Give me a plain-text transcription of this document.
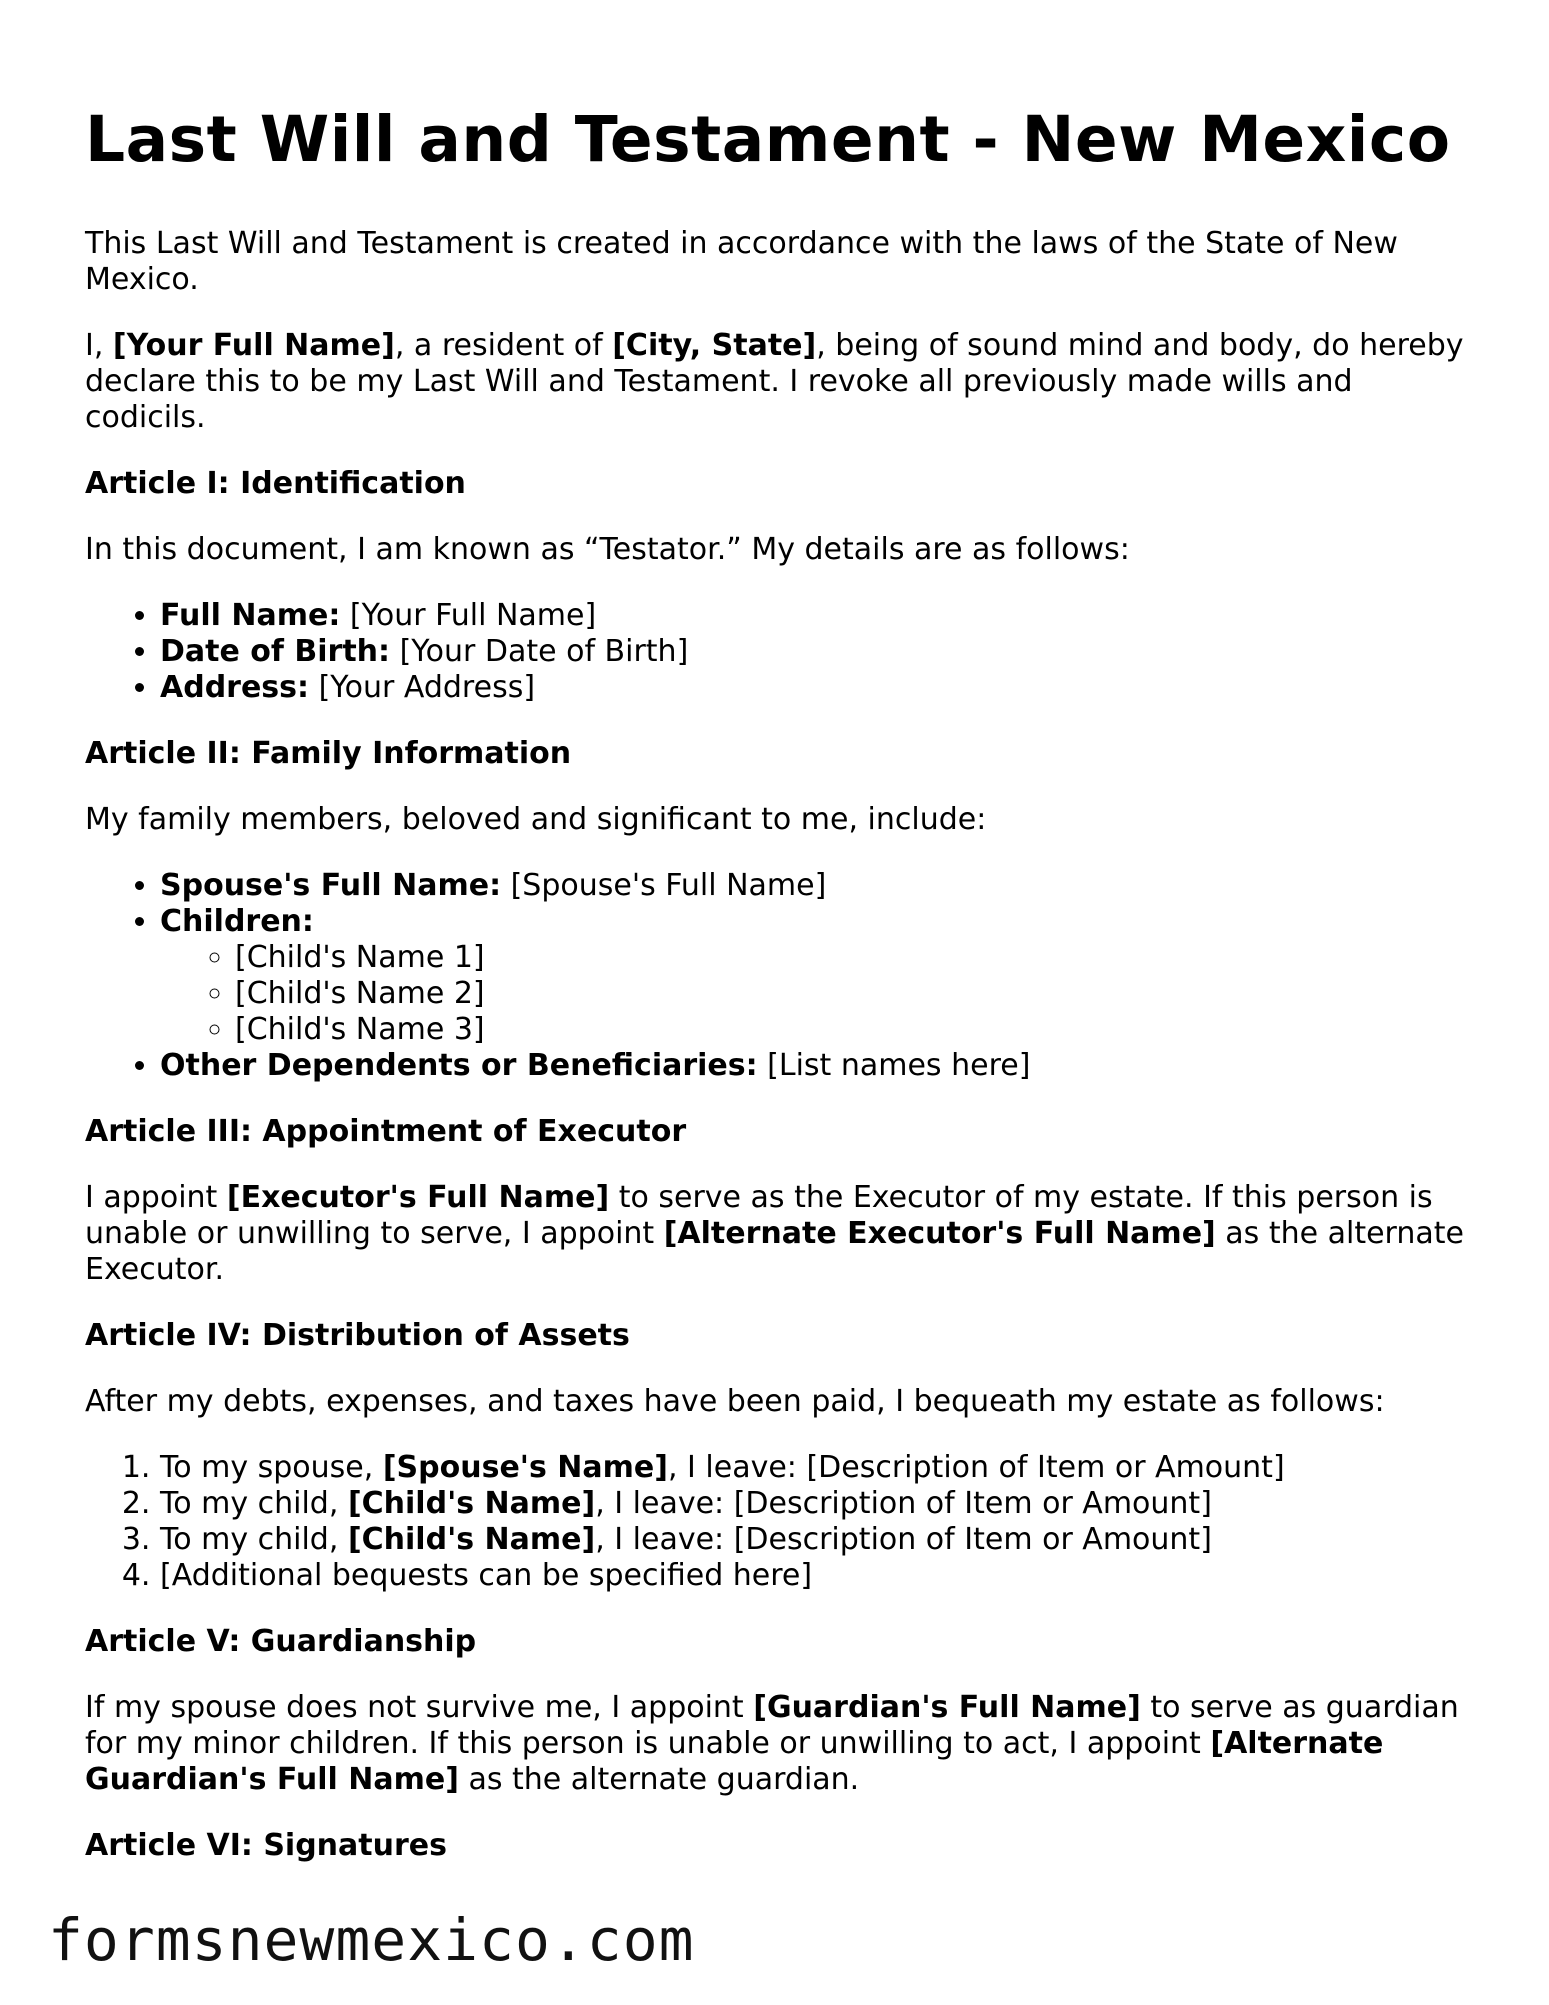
Last Will and Testament - New Mexico

This Last Will and Testament is created in accordance with the laws of the State of New Mexico.

I, [Your Full Name], a resident of [City, State], being of sound mind and body, do hereby declare this to be my Last Will and Testament. I revoke all previously made wills and codicils.

Article I: Identification

In this document, I am known as “Testator.” My details are as follows:

• Full Name: [Your Full Name]
• Date of Birth: [Your Date of Birth]
• Address: [Your Address]
Article II: Family Information

My family members, beloved and significant to me, include:

• Spouse's Full Name: [Spouse's Full Name]
• Children:
◦ [Child's Name 1]
◦ [Child's Name 2]
◦ [Child's Name 3]
• Other Dependents or Beneficiaries: [List names here]
Article III: Appointment of Executor

I appoint [Executor's Full Name] to serve as the Executor of my estate. If this person is unable or unwilling to serve, I appoint [Alternate Executor's Full Name] as the alternate Executor.

Article IV: Distribution of Assets

After my debts, expenses, and taxes have been paid, I bequeath my estate as follows:

1. To my spouse, [Spouse's Name], I leave: [Description of Item or Amount]
2. To my child, [Child's Name], I leave: [Description of Item or Amount]
3. To my child, [Child's Name], I leave: [Description of Item or Amount]
4. [Additional bequests can be specified here]
Article V: Guardianship

If my spouse does not survive me, I appoint [Guardian's Full Name] to serve as guardian for my minor children. If this person is unable or unwilling to act, I appoint [Alternate Guardian's Full Name] as the alternate guardian.

Article VI: Signatures
formsnewmexico.com
